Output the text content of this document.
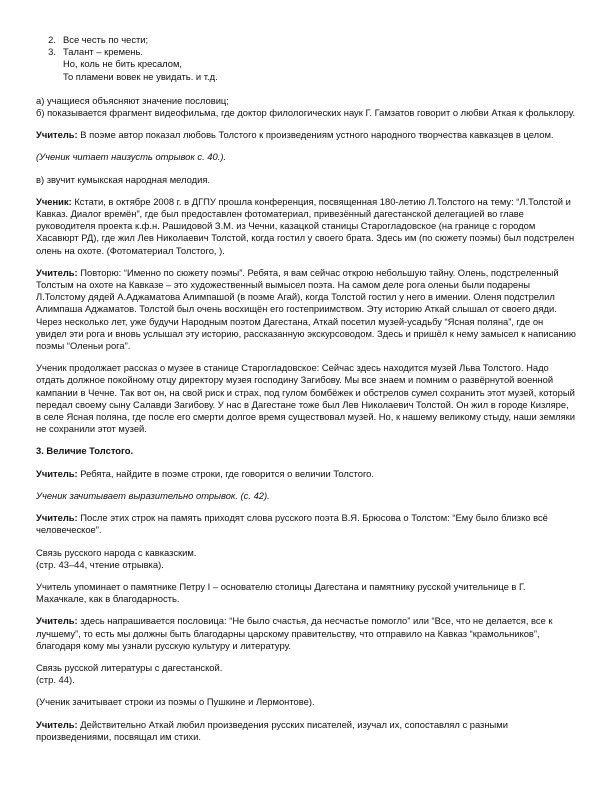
2. Все честь по чести;
3. Талант – кремень.
Но, коль не бить кресалом,
То пламени вовек не увидать. и т.д.

а) учащиеся объясняют значение пословиц;
б) показывается фрагмент видеофильма, где доктор филологических наук Г. Гамзатов говорит о любви Аткая к фольклору.

Учитель: В поэме автор показал любовь Толстого к произведениям устного народного творчества кавказцев в целом.

(Ученик читает наизусть отрывок с. 40.).

в) звучит кумыкская народная мелодия.

Ученик: Кстати, в октябре 2008 г. в ДГПУ прошла конференция, посвященная 180-летию Л.Толстого на тему: “Л.Толстой и Кавказ. Диалог времён”, где был предоставлен фотоматериал, привезённый дагестанской делегацией во главе руководителя проекта к.ф.н. Рашидовой З.М. из Чечни, казацкой станицы Старогладовское (на границе с городом Хасавюрт РД), где жил Лев Николаевич Толстой, когда гостил у своего брата. Здесь им (по сюжету поэмы) был подстрелен олень на охоте. (Фотоматериал Толстого, ).

Учитель: Повторю: “Именно по сюжету поэмы”. Ребята, я вам сейчас открою небольшую тайну. Олень, подстреленный Толстым на охоте на Кавказе – это художественный вымысел поэта. На самом деле рога оленьи были подарены Л.Толстому дядей А.Аджаматова Алимпашой (в поэме Агай), когда Толстой гостил у него в имении. Оленя подстрелил Алимпаша Аджаматов. Толстой был очень восхищён его гостеприимством. Эту историю Аткай слышал от своего дяди. Через несколько лет, уже будучи Народным поэтом Дагестана, Аткай посетил музей-усадьбу “Ясная поляна”, где он увидел эти рога и вновь услышал эту историю, рассказанную экскурсоводом. Здесь и пришёл к нему замысел к написанию поэмы “Оленьи рога”.

Ученик продолжает рассказ о музее в станице Старогладовское: Сейчас здесь находится музей Льва Толстого. Надо отдать должное покойному отцу директору музея господину Загибову. Мы все знаем и помним о развёрнутой военной кампании в Чечне. Так вот он, на свой риск и страх, под гулом бомбёжек и обстрелов сумел сохранить этот музей, который передал своему сыну Салавди Загибову. У нас в Дагестане тоже был Лев Николаевич Толстой. Он жил в городе Кизляре, в селе Ясная поляна, где после его смерти долгое время существовал музей. Но, к нашему великому стыду, наши земляки не сохранили этот музей.

3. Величие Толстого.

Учитель: Ребята, найдите в поэме строки, где говорится о величии Толстого.

Ученик зачитывает выразительно отрывок. (с. 42).

Учитель: После этих строк на память приходят слова русского поэта В.Я. Брюсова о Толстом: “Ему было близко всё человеческое”.

Связь русского народа с кавказским.
(стр. 43–44, чтение отрывка).

Учитель упоминает о памятнике Петру I – основателю столицы Дагестана и памятнику русской учительнице в Г. Махачкале, как в благодарность.

Учитель: здесь напрашивается пословица: “Не было счастья, да несчастье помогло” или “Все, что не делается, все к лучшему”, то есть мы должны быть благодарны царскому правительству, что отправило на Кавказ “крамольников”, благодаря кому мы узнали русскую культуру и литературу.

Связь русской литературы с дагестанской.
(стр. 44).

(Ученик зачитывает строки из поэмы о Пушкине и Лермонтове).

Учитель: Действительно Аткай любил произведения русских писателей, изучал их, сопоставлял с разными произведениями, посвящал им стихи.
